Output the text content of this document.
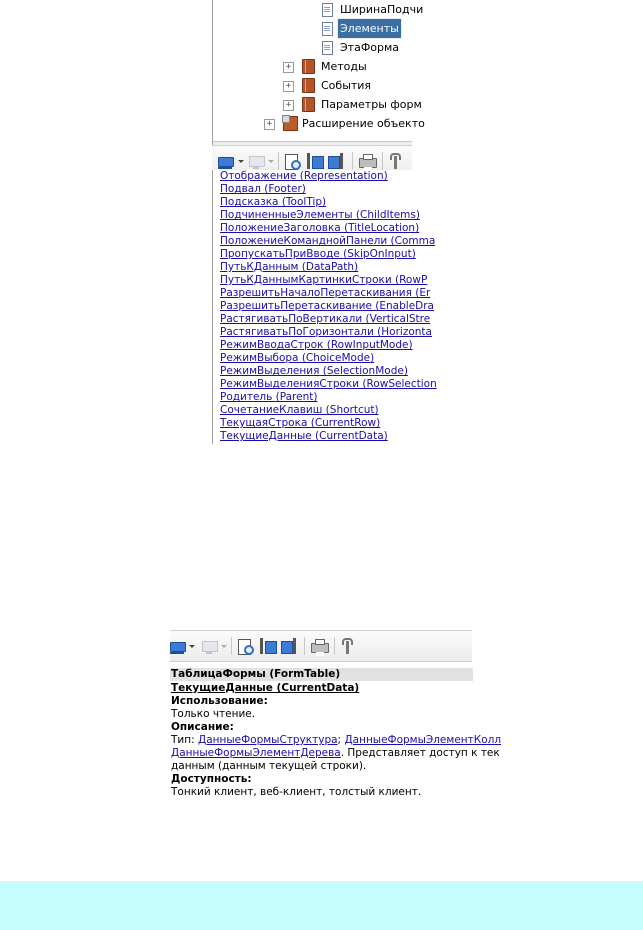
ШиринаПодчи
Элементы
ЭтаФорма
+	Методы
+	События
+	Параметры форм
+	Расширение объекто
Отображение (Representation)
Подвал (Footer)
Подсказка (ToolTip)
ПодчиненныеЭлементы (ChildItems)
ПоложениеЗаголовка (TitleLocation)
ПоложениеКоманднойПанели (Comma
ПропускатьПриВводе (SkipOnInput)
ПутьКДанным (DataPath)
ПутьКДаннымКартинкиСтроки (RowP
РазрешитьНачалоПеретаскивания (Er
РазрешитьПеретаскивание (EnableDra
РастягиватьПоВертикали (VerticalStre
РастягиватьПоГоризонтали (Horizonta
РежимВводаСтрок (RowInputMode)
РежимВыбора (ChoiceMode)
РежимВыделения (SelectionMode)
РежимВыделенияСтроки (RowSelection
Родитель (Parent)
СочетаниеКлавиш (Shortcut)
ТекущаяСтрока (CurrentRow)
ТекущиеДанные (CurrentData)
ТаблицаФормы (FormTable)
ТекущиеДанные (CurrentData)
Использование:
Только чтение.
Описание:
Тип: ДанныеФормыСтруктура; ДанныеФормыЭлементКолл
ДанныеФормыЭлементДерева. Представляет доступ к тек
данным (данным текущей строки).
Доступность:
Тонкий клиент, веб-клиент, толстый клиент.
